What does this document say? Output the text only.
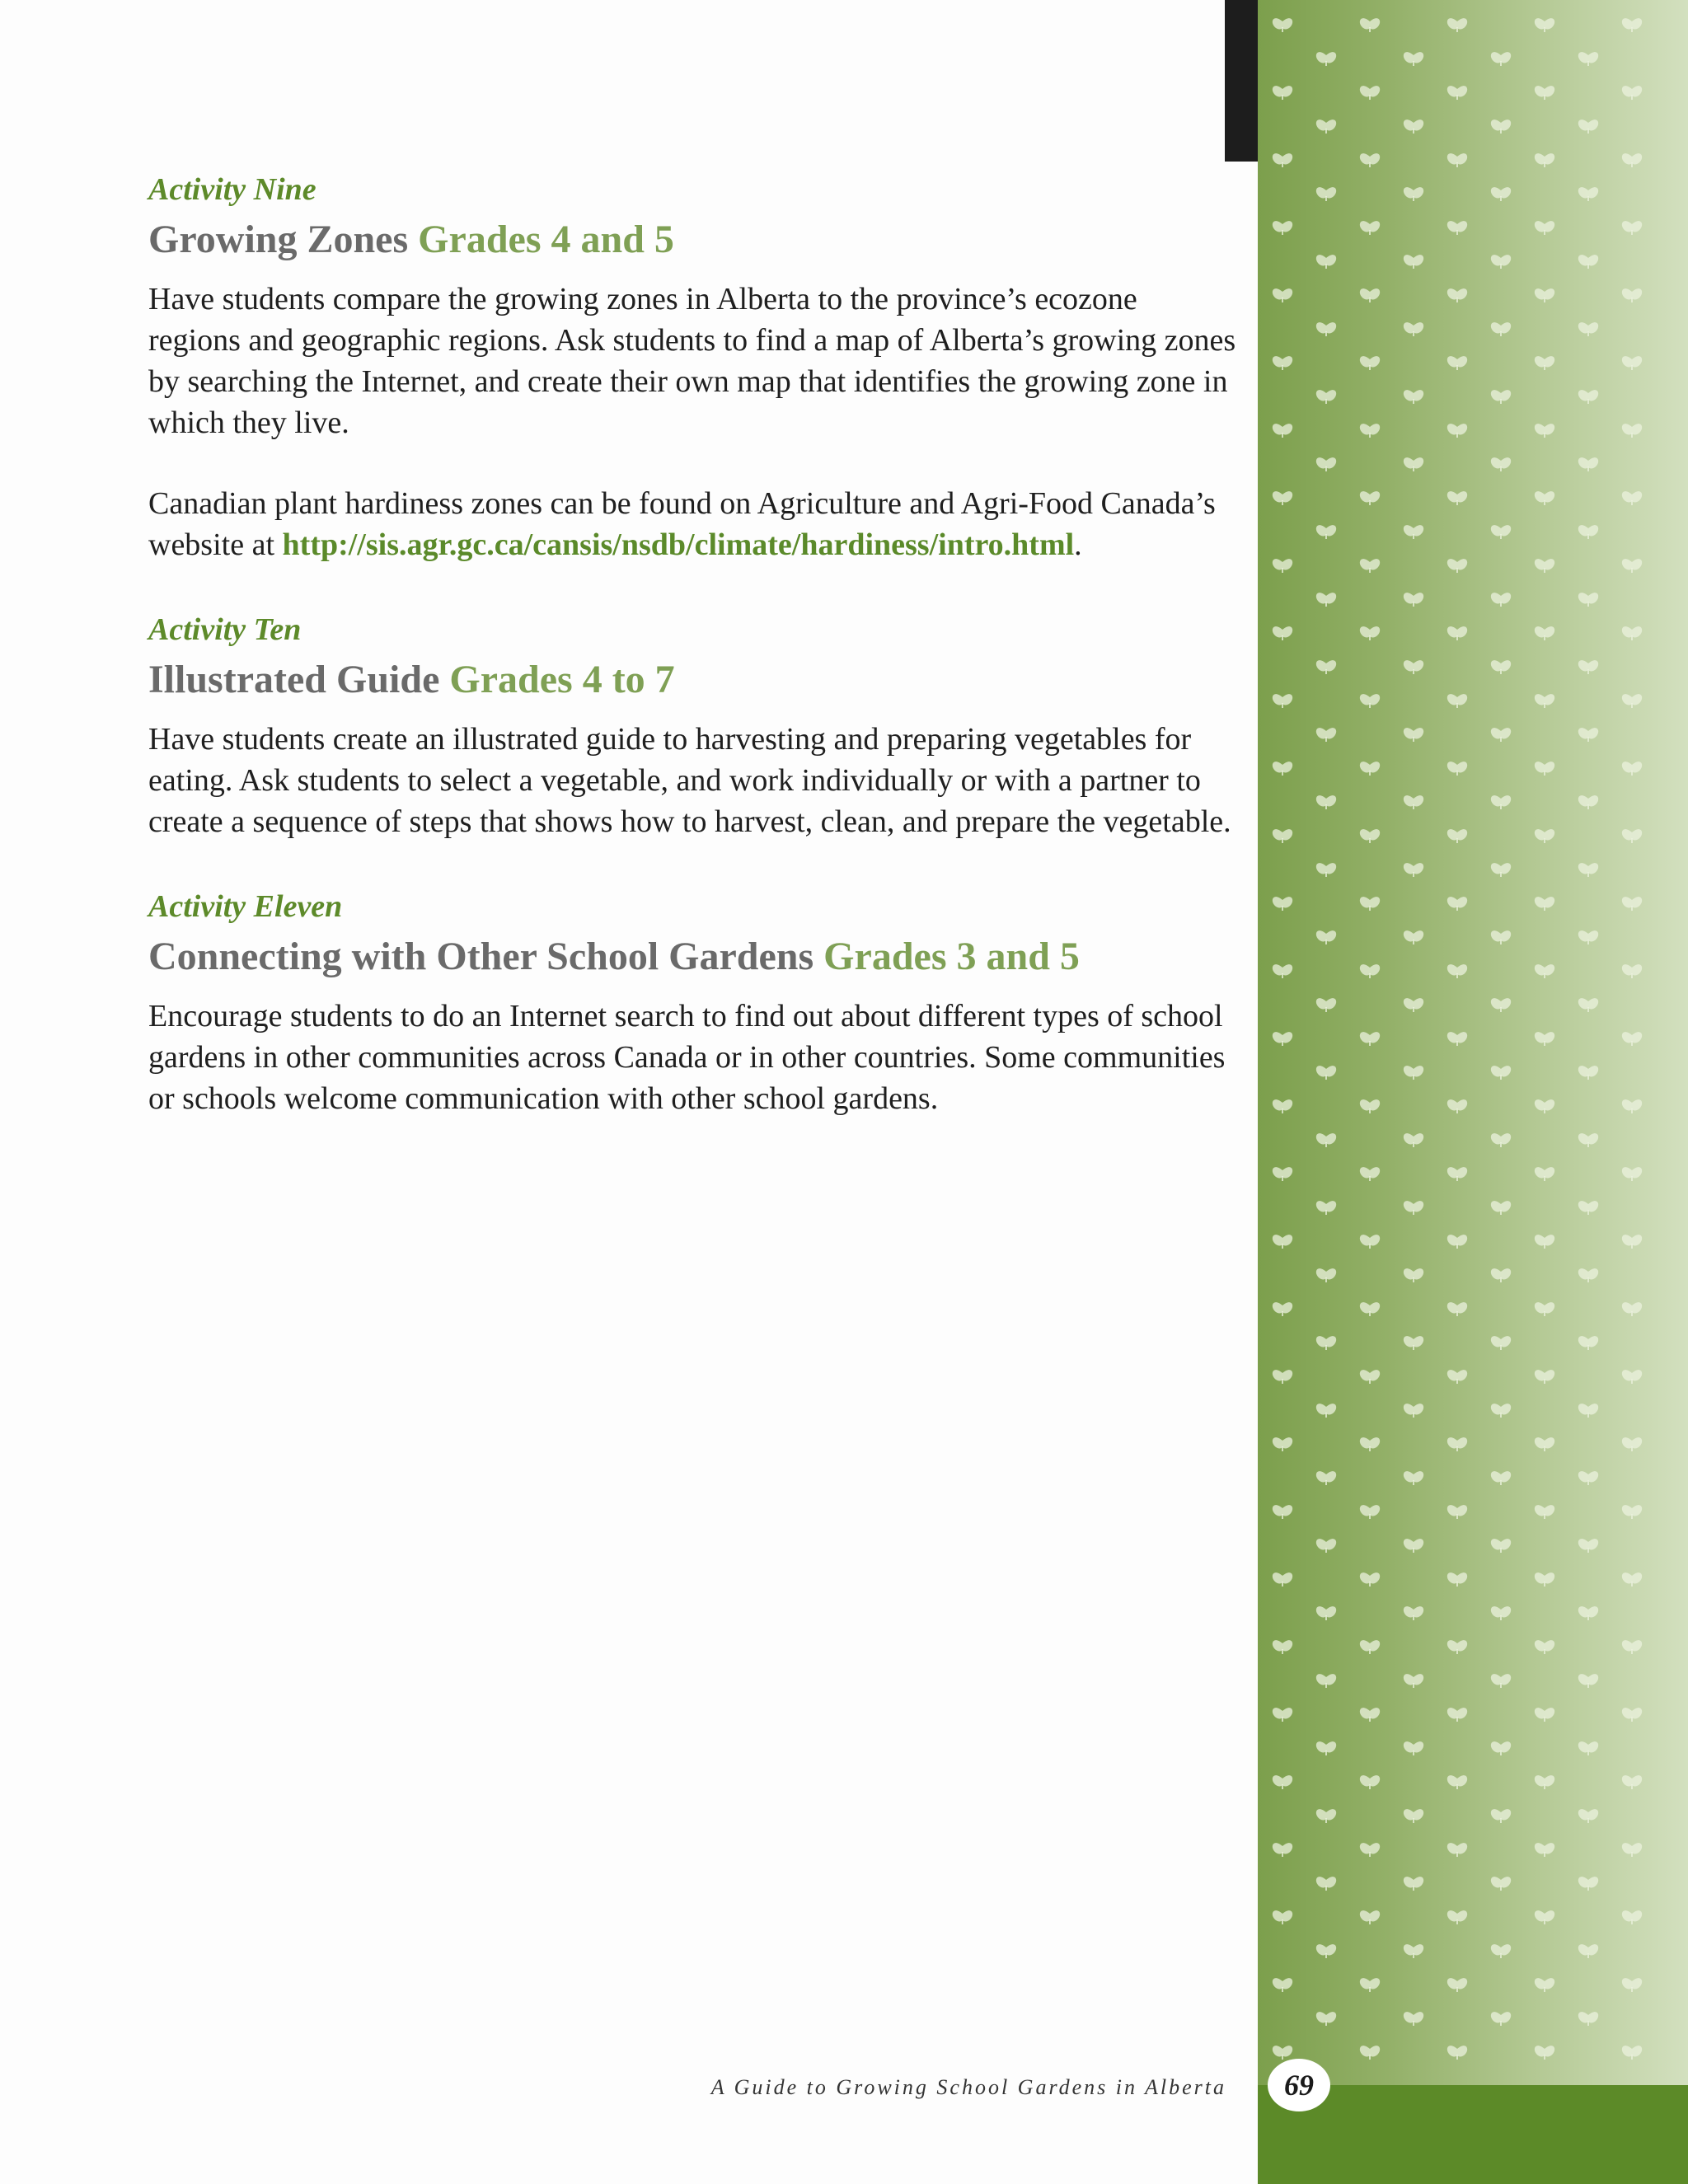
Activity Nine

Growing Zones Grades 4 and 5

Have students compare the growing zones in Alberta to the province’s ecozone regions and geographic regions. Ask students to find a map of Alberta’s growing zones by searching the Internet, and create their own map that identifies the growing zone in which they live.

Canadian plant hardiness zones can be found on Agriculture and Agri-Food Canada’s website at http://sis.agr.gc.ca/cansis/nsdb/climate/hardiness/intro.html.

Activity Ten

Illustrated Guide Grades 4 to 7

Have students create an illustrated guide to harvesting and preparing vegetables for eating. Ask students to select a vegetable, and work individually or with a partner to create a sequence of steps that shows how to harvest, clean, and prepare the vegetable.

Activity Eleven

Connecting with Other School Gardens Grades 3 and 5

Encourage students to do an Internet search to find out about different types of school gardens in other communities across Canada or in other countries. Some communities or schools welcome communication with other school gardens.

A Guide to Growing School Gardens in Alberta	69
